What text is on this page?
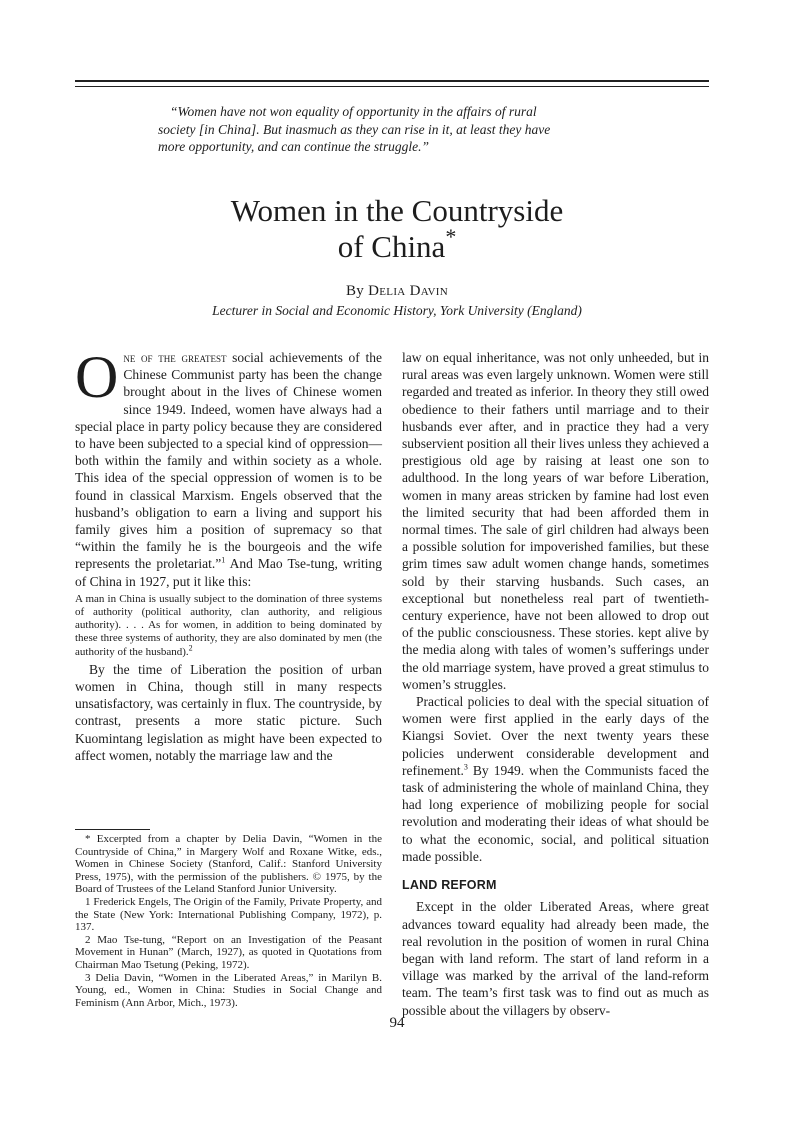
“Women have not won equality of opportunity in the affairs of rural
society [in China]. But inasmuch as they can rise in it, at least they have
more opportunity, and can continue the struggle.”
Women in the Countryside
of China*
By Delia Davin
Lecturer in Social and Economic History, York University (England)

One of the greatest social achievements of the Chinese Communist party has been the change brought about in the lives of Chinese women since 1949. Indeed, women have always had a special place in party policy because they are considered to have been subjected to a special kind of oppression—both within the family and within society as a whole. This idea of the special oppression of women is to be found in classical Marxism. Engels observed that the husband’s obligation to earn a living and support his family gives him a position of supremacy so that “within the family he is the bourgeois and the wife represents the proletariat.”$^1$ And Mao Tse-tung, writing of China in 1927, put it like this:

A man in China is usually subject to the domination of three systems of authority (political authority, clan authority, and religious authority). . . . As for women, in addition to being dominated by these three systems of authority, they are also dominated by men (the authority of the husband).$^2$

By the time of Liberation the position of urban women in China, though still in many respects unsatisfactory, was certainly in flux. The countryside, by contrast, presents a more static picture. Such Kuomintang legislation as might have been expected to affect women, notably the marriage law and the

* Excerpted from a chapter by Delia Davin, “Women in the Countryside of China,” in Margery Wolf and Roxane Witke, eds., Women in Chinese Society (Stanford, Calif.: Stanford University Press, 1975), with the permission of the publishers. © 1975, by the Board of Trustees of the Leland Stanford Junior University.

1 Frederick Engels, The Origin of the Family, Private Property, and the State (New York: International Publishing Company, 1972), p. 137.

2 Mao Tse-tung, “Report on an Investigation of the Peasant Movement in Hunan” (March, 1927), as quoted in Quotations from Chairman Mao Tsetung (Peking, 1972).

3 Delia Davin, “Women in the Liberated Areas,” in Marilyn B. Young, ed., Women in China: Studies in Social Change and Feminism (Ann Arbor, Mich., 1973).

law on equal inheritance, was not only unheeded, but in rural areas was even largely unknown. Women were still regarded and treated as inferior. In theory they still owed obedience to their fathers until marriage and to their husbands ever after, and in practice they had a very subservient position all their lives unless they achieved a prestigious old age by raising at least one son to adulthood. In the long years of war before Liberation, women in many areas stricken by famine had lost even the limited security that had been afforded them in normal times. The sale of girl children had always been a possible solution for impoverished families, but these grim times saw adult women change hands, sometimes sold by their starving husbands. Such cases, an exceptional but nonetheless real part of twentieth-century experience, have not been allowed to drop out of the public consciousness. These stories. kept alive by the media along with tales of women’s sufferings under the old marriage system, have proved a great stimulus to women’s struggles.

Practical policies to deal with the special situation of women were first applied in the early days of the Kiangsi Soviet. Over the next twenty years these policies underwent considerable development and refinement.$^3$ By 1949. when the Communists faced the task of administering the whole of mainland China, they had long experience of mobilizing people for social revolution and moderating their ideas of what should be to what the economic, social, and political situation made possible.

LAND REFORM

Except in the older Liberated Areas, where great advances toward equality had already been made, the real revolution in the position of women in rural China began with land reform. The start of land reform in a village was marked by the arrival of the land-reform team. The team’s first task was to find out as much as possible about the villagers by observ-

94
